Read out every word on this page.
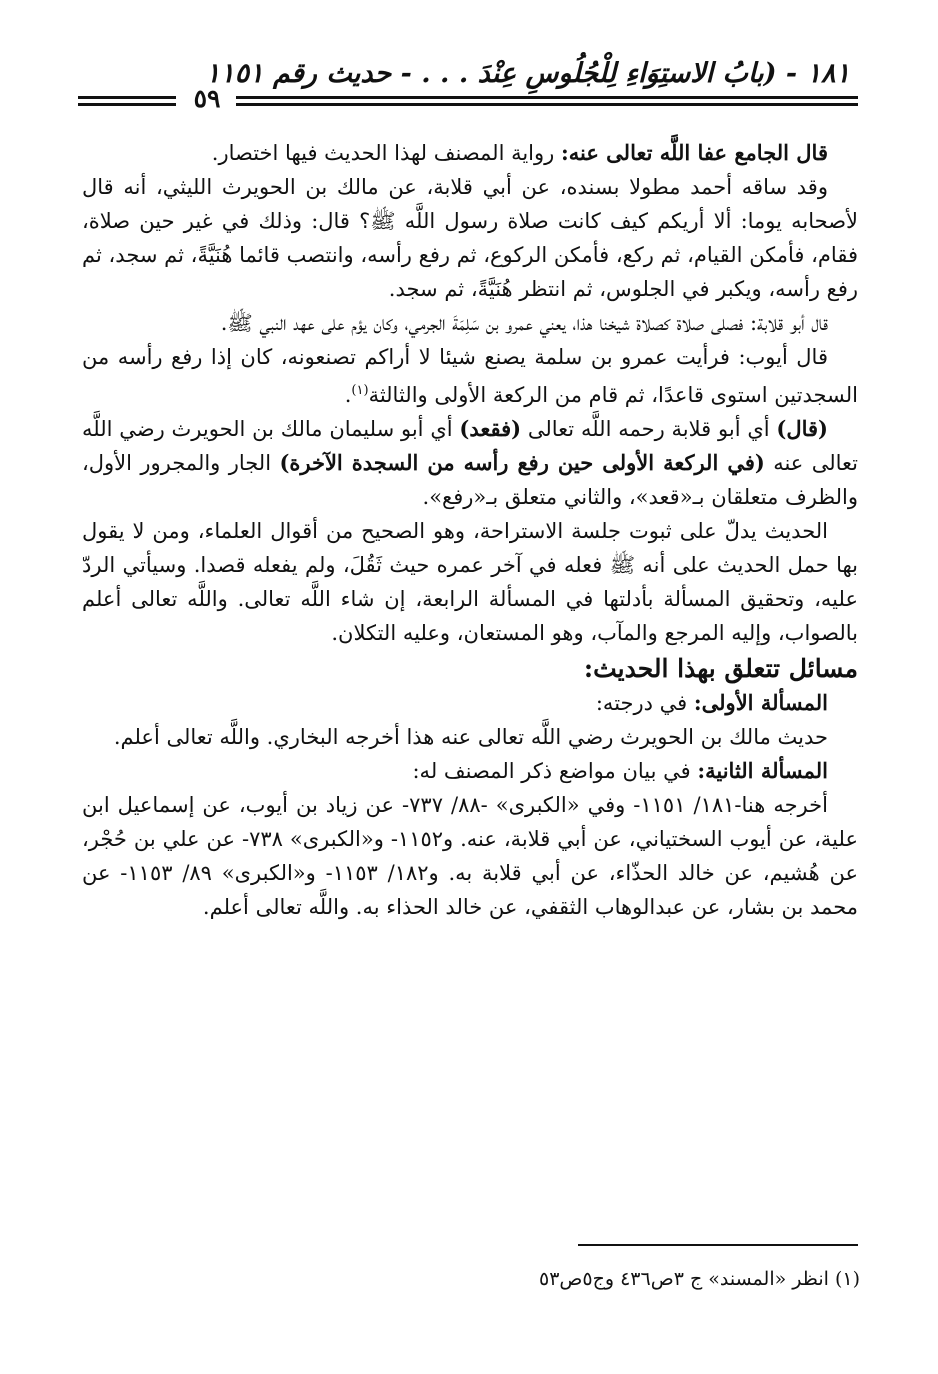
١٨١ - (بابُ الاستِوَاءِ لِلْجُلُوسِ عِنْدَ . . . - حديث رقم ١١٥١
٥٩

قال الجامع عفا اللَّه تعالى عنه: رواية المصنف لهذا الحديث فيها اختصار.

وقد ساقه أحمد مطولا بسنده، عن أبي قلابة، عن مالك بن الحويرث الليثي، أنه قال لأصحابه يوما: ألا أريكم كيف كانت صلاة رسول اللَّه ﷺ؟ قال: وذلك في غير حين صلاة، فقام، فأمكن القيام، ثم ركع، فأمكن الركوع، ثم رفع رأسه، وانتصب قائما هُنَيَّةً، ثم سجد، ثم رفع رأسه، ويكبر في الجلوس، ثم انتظر هُنَيَّةً، ثم سجد.

قال أبو قلابة: فصلى صلاة كصلاة شيخنا هذا، يعني عمرو بن سَلِمَةَ الجرمي، وكان يؤم على عهد النبي ﷺ.

قال أيوب: فرأيت عمرو بن سلمة يصنع شيئا لا أراكم تصنعونه، كان إذا رفع رأسه من السجدتين استوى قاعدًا، ثم قام من الركعة الأولى والثالثة$^{(١)}$.

(قال) أي أبو قلابة رحمه اللَّه تعالى (فقعد) أي أبو سليمان مالك بن الحويرث رضي اللَّه تعالى عنه (في الركعة الأولى حين رفع رأسه من السجدة الآخرة) الجار والمجرور الأول، والظرف متعلقان بـ«قعد»، والثاني متعلق بـ«رفع».

الحديث يدلّ على ثبوت جلسة الاستراحة، وهو الصحيح من أقوال العلماء، ومن لا يقول بها حمل الحديث على أنه ﷺ فعله في آخر عمره حيث ثَقُلَ، ولم يفعله قصدا. وسيأتي الردّ عليه، وتحقيق المسألة بأدلتها في المسألة الرابعة، إن شاء اللَّه تعالى. واللَّه تعالى أعلم بالصواب، وإليه المرجع والمآب، وهو المستعان، وعليه التكلان.

مسائل تتعلق بهذا الحديث:

المسألة الأولى: في درجته:

حديث مالك بن الحويرث رضي اللَّه تعالى عنه هذا أخرجه البخاري. واللَّه تعالى أعلم.

المسألة الثانية: في بيان مواضع ذكر المصنف له:

أخرجه هنا-١٨١/ ١١٥١- وفي «الكبرى» -٨٨/ ٧٣٧- عن زياد بن أيوب، عن إسماعيل ابن علية، عن أيوب السختياني، عن أبي قلابة، عنه. و١١٥٢- و«الكبرى» ٧٣٨- عن علي بن حُجْر، عن هُشيم، عن خالد الحذّاء، عن أبي قلابة به. و١٨٢/ ١١٥٣- و«الكبرى» ٨٩/ ١١٥٣- عن محمد بن بشار، عن عبدالوهاب الثقفي، عن خالد الحذاء به. واللَّه تعالى أعلم.

(١) انظر «المسند» ج ٣ص٤٣٦ وج٥ص٥٣
